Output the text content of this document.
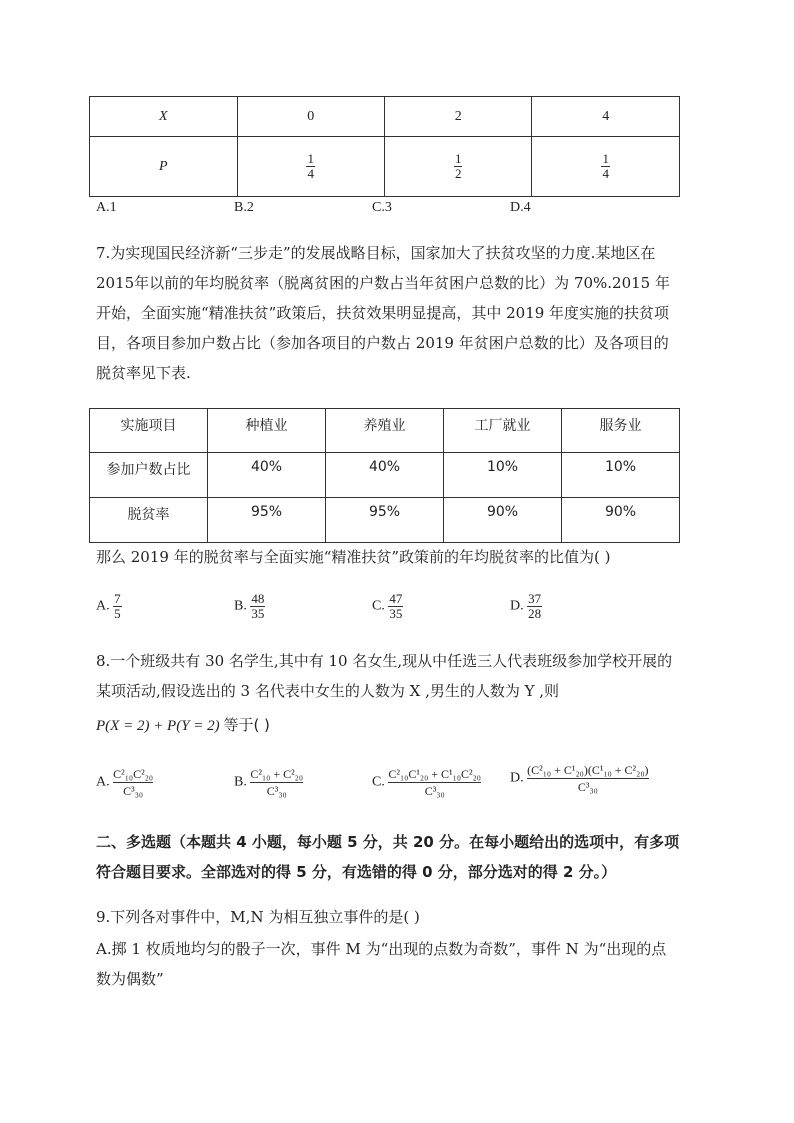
X	0	2	4
P	$\frac{1}{4}$	$\frac{1}{2}$	$\frac{1}{4}$
A.1	B.2	C.3	D.4
7.为实现国民经济新“三步走”的发展战略目标，国家加大了扶贫攻坚的力度.某地区在
2015年以前的年均脱贫率（脱离贫困的户数占当年贫困户总数的比）为 70%.2015 年
开始，全面实施“精准扶贫”政策后，扶贫效果明显提高，其中 2019 年度实施的扶贫项
目，各项目参加户数占比（参加各项目的户数占 2019 年贫困户总数的比）及各项目的
脱贫率见下表.
实施项目	种植业	养殖业	工厂就业	服务业
参加户数占比	40%	40%	10%	10%
脱贫率	95%	95%	90%	90%
那么 2019 年的脱贫率与全面实施“精准扶贫”政策前的年均脱贫率的比值为( )
A. $\frac{7}{5}$	B. $\frac{48}{35}$	C. $\frac{47}{35}$	D. $\frac{37}{28}$
8.一个班级共有 30 名学生,其中有 10 名女生,现从中任选三人代表班级参加学校开展的
某项活动,假设选出的 3 名代表中女生的人数为 X ,男生的人数为 Y ,则
P(X = 2) + P(Y = 2) 等于( )
A. $\frac{\text{C²₁₀C²₂₀}}{\text{C³₃₀}}$	B. $\frac{\text{C²₁₀ + C²₂₀}}{\text{C³₃₀}}$	C. $\frac{\text{C²₁₀C¹₂₀ + C¹₁₀C²₂₀}}{\text{C³₃₀}} D$. $\frac{\text{(C²₁₀ + C¹₂₀)(C¹₁₀ + C²₂₀)}}{\text{C³₃₀}}$
二、多选题（本题共 4 小题，每小题 5 分，共 20 分。在每小题给出的选项中，有多项
符合题目要求。全部选对的得 5 分，有选错的得 0 分，部分选对的得 2 分。）
9.下列各对事件中，M,N 为相互独立事件的是( )
A.掷 1 枚质地均匀的骰子一次，事件 M 为“出现的点数为奇数”，事件 N 为“出现的点
数为偶数”
